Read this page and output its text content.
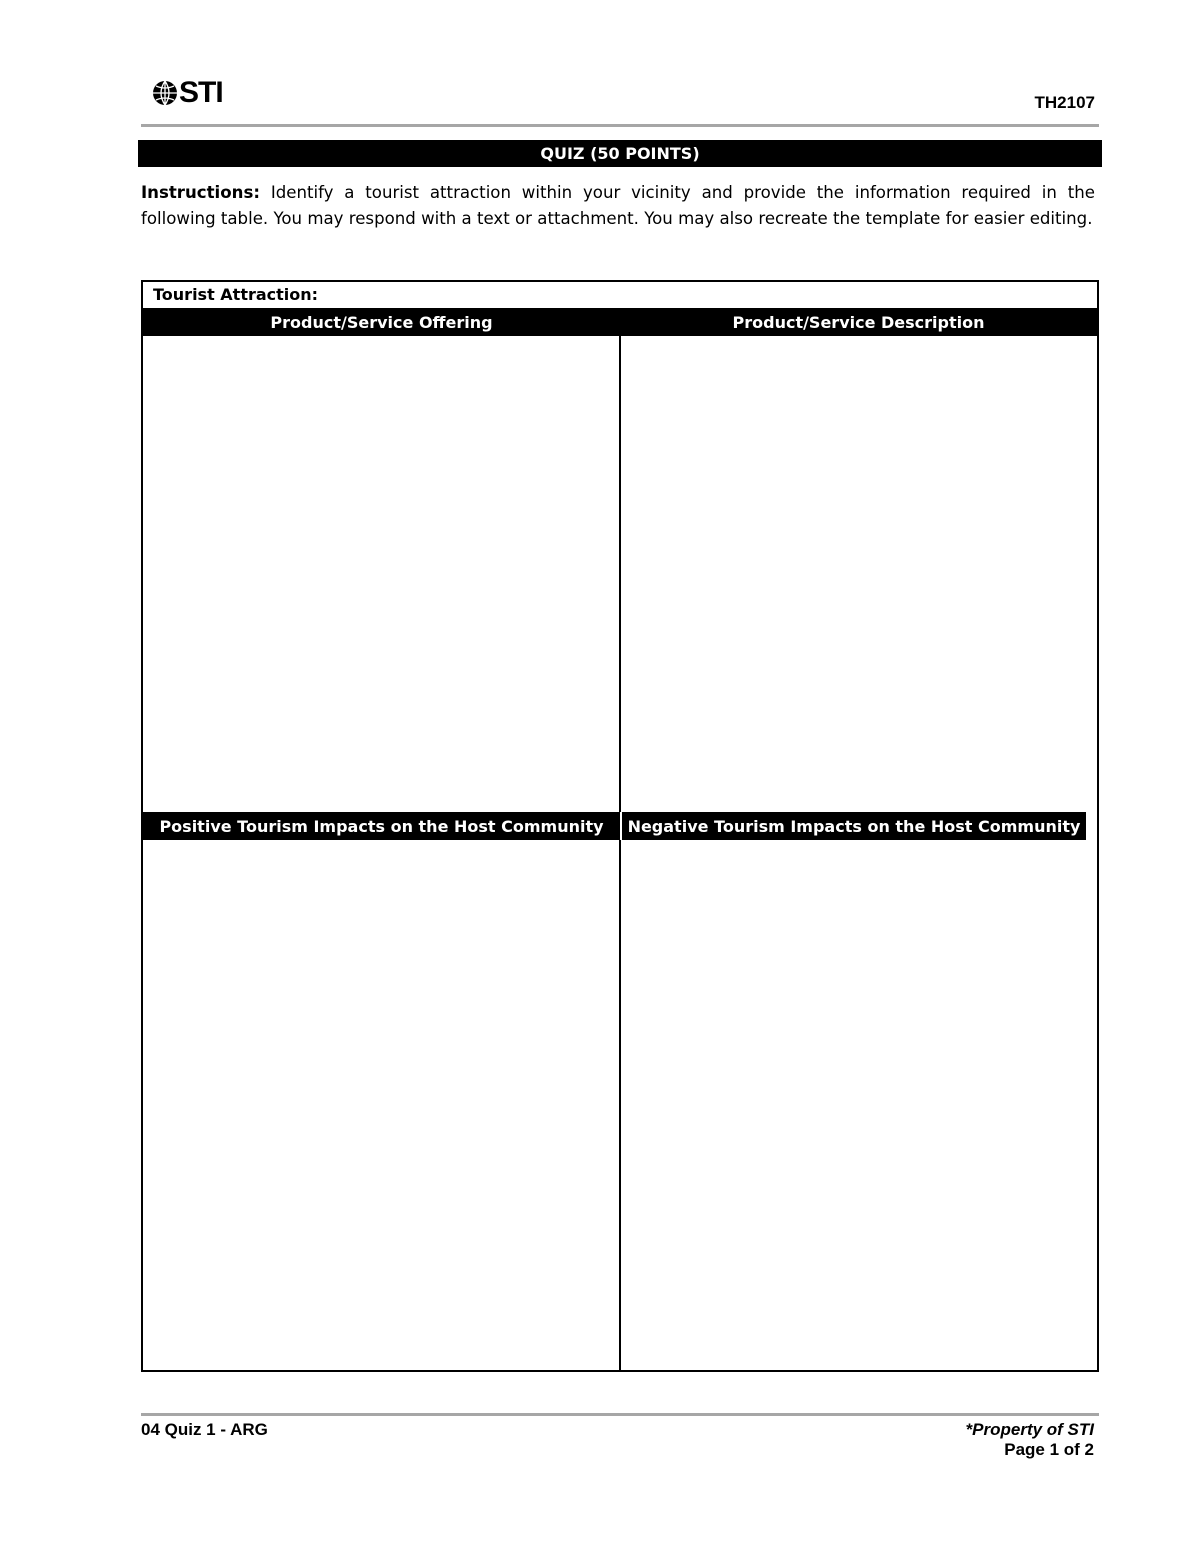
STI	TH2107
QUIZ (50 POINTS)
Instructions: Identify a tourist attraction within your vicinity and provide the information required in the following table. You may respond with a text or attachment. You may also recreate the template for easier editing.
Tourist Attraction:
Product/Service Offering	Product/Service Description
Positive Tourism Impacts on the Host Community	Negative Tourism Impacts on the Host Community
04 Quiz 1 - ARG	*Property of STI
Page 1 of 2
